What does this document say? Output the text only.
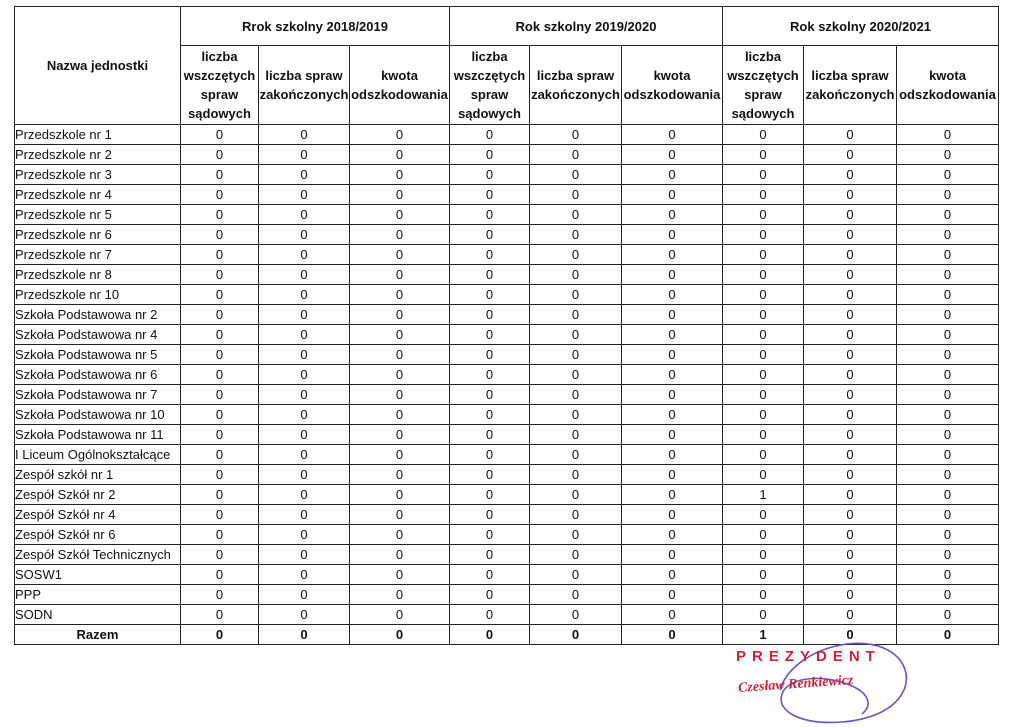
Nazwa jednostki	Rrok szkolny 2018/2019			Rok szkolny 2019/2020			Rok szkolny 2020/2021		
	liczba wszczętych spraw sądowych	liczba spraw zakończonych	kwota odszkodowania	liczba wszczętych spraw sądowych	liczba spraw zakończonych	kwota odszkodowania	liczba wszczętych spraw sądowych	liczba spraw zakończonych	kwota odszkodowania
Przedszkole nr 1	0	0	0	0	0	0	0	0	0
Przedszkole nr 2	0	0	0	0	0	0	0	0	0
Przedszkole nr 3	0	0	0	0	0	0	0	0	0
Przedszkole nr 4	0	0	0	0	0	0	0	0	0
Przedszkole nr 5	0	0	0	0	0	0	0	0	0
Przedszkole nr 6	0	0	0	0	0	0	0	0	0
Przedszkole nr 7	0	0	0	0	0	0	0	0	0
Przedszkole nr 8	0	0	0	0	0	0	0	0	0
Przedszkole nr 10	0	0	0	0	0	0	0	0	0
Szkoła Podstawowa nr 2	0	0	0	0	0	0	0	0	0
Szkoła Podstawowa nr 4	0	0	0	0	0	0	0	0	0
Szkoła Podstawowa nr 5	0	0	0	0	0	0	0	0	0
Szkoła Podstawowa nr 6	0	0	0	0	0	0	0	0	0
Szkoła Podstawowa nr 7	0	0	0	0	0	0	0	0	0
Szkoła Podstawowa nr 10	0	0	0	0	0	0	0	0	0
Szkoła Podstawowa nr 11	0	0	0	0	0	0	0	0	0
I Liceum Ogólnokształcące	0	0	0	0	0	0	0	0	0
Zespół szkół nr 1	0	0	0	0	0	0	0	0	0
Zespół Szkół nr 2	0	0	0	0	0	0	1	0	0
Zespół Szkół nr 4	0	0	0	0	0	0	0	0	0
Zespół Szkół nr 6	0	0	0	0	0	0	0	0	0
Zespół Szkół Technicznych	0	0	0	0	0	0	0	0	0
SOSW1	0	0	0	0	0	0	0	0	0
PPP	0	0	0	0	0	0	0	0	0
SODN	0	0	0	0	0	0	0	0	0
Razem	0	0	0	0	0	0	1	0	0
PREZYDENT
Czesław Renkiewicz
